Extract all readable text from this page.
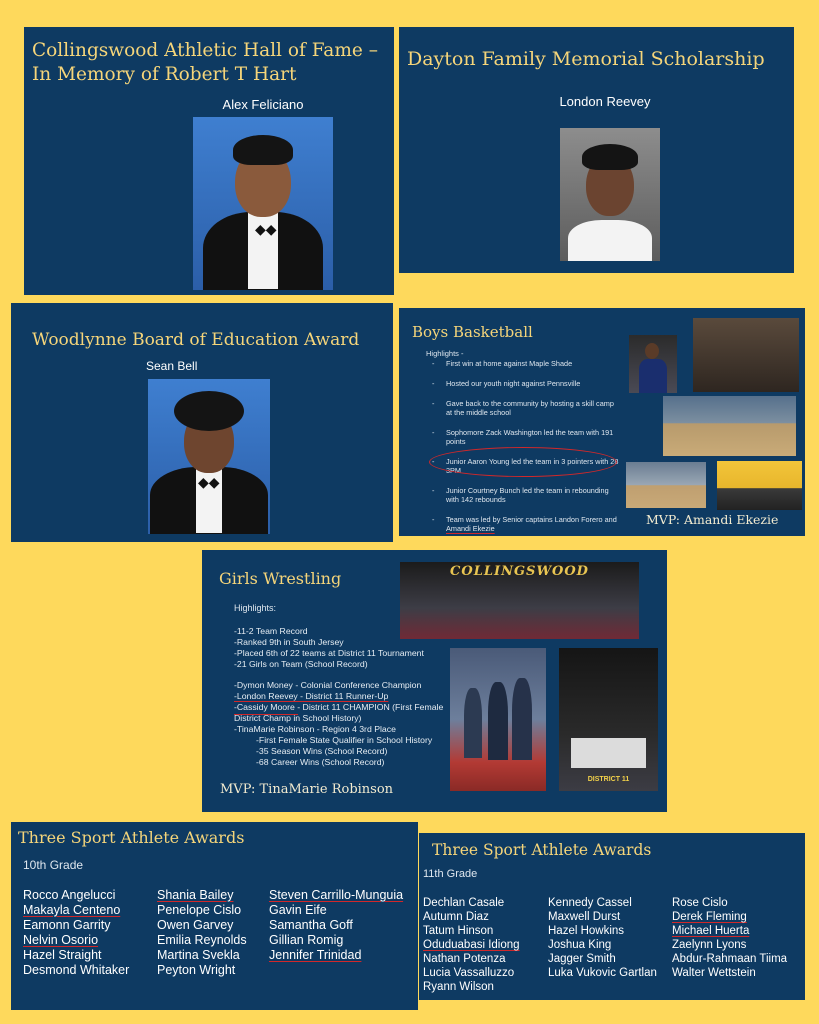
Collingswood Athletic Hall of Fame – In Memory of Robert T Hart
Alex Feliciano
◆◆
Dayton Family Memorial Scholarship
London Reevey
Woodlynne Board of Education Award
Sean Bell
◆◆
Boys Basketball
Highlights -
- First win at home against Maple Shade
- Hosted our youth night against Pennsville
- Gave back to the community by hosting a skill camp at the middle school
- Sophomore Zack Washington led the team with 191 points
- Junior Aaron Young led the team in 3 pointers with 28 3PM
- Junior Courtney Bunch led the team in rebounding with 142 rebounds
- Team was led by Senior captains Landon Forero and Amandi Ekezie
MVP: Amandi Ekezie
Girls Wrestling	COLLINGSWOOD
Highlights:
-11-2 Team Record
-Ranked 9th in South Jersey
-Placed 6th of 22 teams at District 11 Tournament
-21 Girls on Team (School Record)
-Dymon Money - Colonial Conference Champion
-London Reevey - District 11 Runner-Up
-Cassidy Moore - District 11 CHAMPION (First Female District Champ in School History)
-TinaMarie Robinson - Region 4 3rd Place
-First Female State Qualifier in School History
-35 Season Wins (School Record)
-68 Career Wins (School Record)
DISTRICT 11
MVP: TinaMarie Robinson
Three Sport Athlete Awards
10th Grade
Rocco Angelucci
Makayla Centeno
Eamonn Garrity
Nelvin Osorio
Hazel Straight
Desmond Whitaker
Shania Bailey
Penelope Cislo
Owen Garvey
Emilia Reynolds
Martina Svekla
Peyton Wright
Steven Carrillo-Munguia
Gavin Eife
Samantha Goff
Gillian Romig
Jennifer Trinidad
Three Sport Athlete Awards
11th Grade
Dechlan Casale
Autumn Diaz
Tatum Hinson
Oduduabasi Idiong
Nathan Potenza
Lucia Vassalluzzo
Ryann Wilson
Kennedy Cassel
Maxwell Durst
Hazel Howkins
Joshua King
Jagger Smith
Luka Vukovic Gartlan
Rose Cislo
Derek Fleming
Michael Huerta
Zaelynn Lyons
Abdur-Rahmaan Tiima
Walter Wettstein
